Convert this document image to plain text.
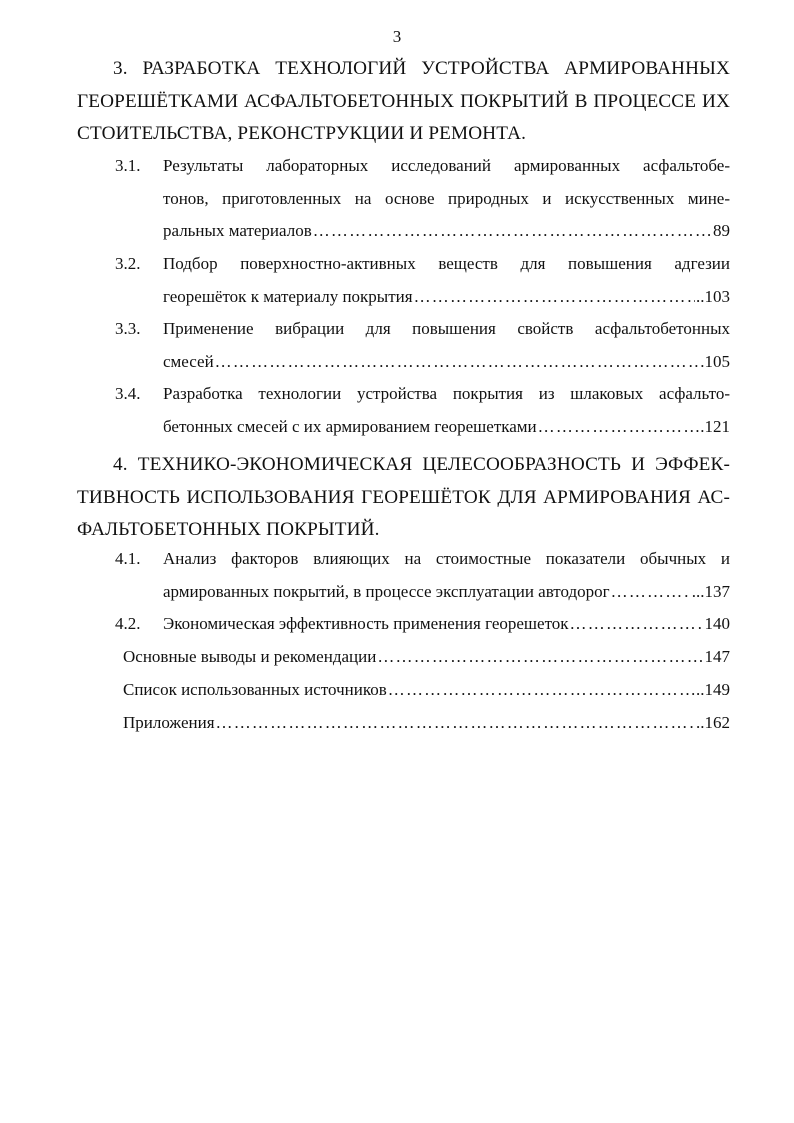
3
3. РАЗРАБОТКА ТЕХНОЛОГИЙ УСТРОЙСТВА АРМИРОВАННЫХ ГЕОРЕШЁТКАМИ АСФАЛЬТОБЕТОННЫХ ПОКРЫТИЙ В ПРОЦЕССЕ ИХ СТОИТЕЛЬСТВА, РЕКОНСТРУКЦИИ И РЕМОНТА.
3.1. Результаты лабораторных исследований армированных асфальтобе-
тонов, приготовленных на основе природных и искусственных мине-
ральных материалов …………………………………………………………………………………………………………………………………………………………………………………………………………	89
3.2. Подбор поверхностно-активных веществ для повышения адгезии
георешёток к материалу покрытия …………………………………………………………………………………………………………………………………………………………………………………………………………	..103
3.3. Применение вибрации для повышения свойств асфальтобетонных
смесей …………………………………………………………………………………………………………………………………………………………………………………………………………	.105
3.4. Разработка технологии устройства покрытия из шлаковых асфальто-
бетонных смесей с их армированием георешетками …………………………………………………………………………………………………………………………………………………………………………………………………………	.121
4. ТЕХНИКО-ЭКОНОМИЧЕСКАЯ ЦЕЛЕСООБРАЗНОСТЬ И ЭФФЕК-ТИВНОСТЬ ИСПОЛЬЗОВАНИЯ ГЕОРЕШЁТОК ДЛЯ АРМИРОВАНИЯ АС-ФАЛЬТОБЕТОННЫХ ПОКРЫТИЙ.
4.1. Анализ факторов влияющих на стоимостные показатели обычных и
армированных покрытий, в процессе эксплуатации автодорог …………………………………………………………………………………………………………………………………………………………………………………………………………	...137
4.2. Экономическая эффективность применения георешеток …………………………………………………………………………………………………………………………………………………………………………………………………………	140
Основные выводы и рекомендации …………………………………………………………………………………………………………………………………………………………………………………………………………	147
Список использованных источников …………………………………………………………………………………………………………………………………………………………………………………………………………	..149
Приложения …………………………………………………………………………………………………………………………………………………………………………………………………………	..162
